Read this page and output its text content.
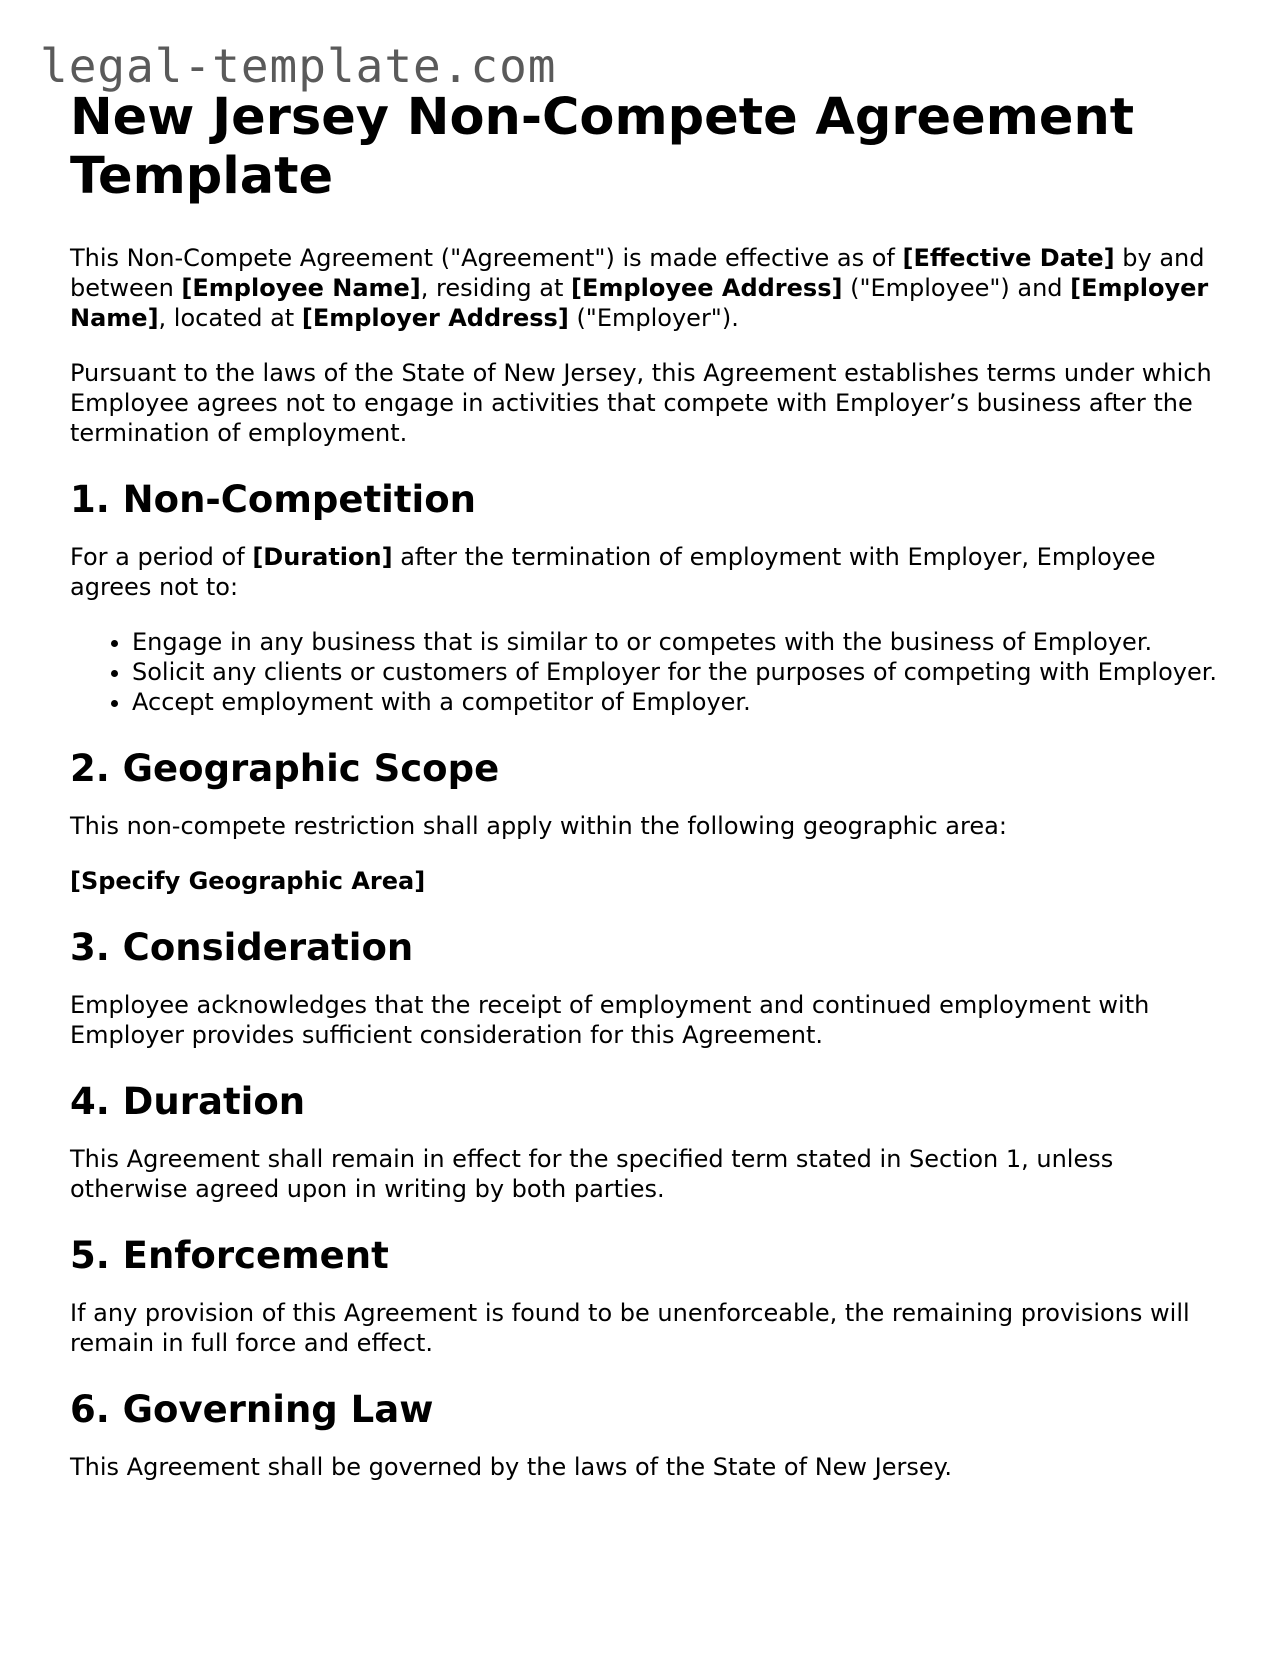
legal-template.com
New Jersey Non-Compete Agreement Template

This Non-Compete Agreement ("Agreement") is made effective as of [Effective Date] by and between [Employee Name], residing at [Employee Address] ("Employee") and [Employer Name], located at [Employer Address] ("Employer").

Pursuant to the laws of the State of New Jersey, this Agreement establishes terms under which Employee agrees not to engage in activities that compete with Employer’s business after the termination of employment.

1. Non-Competition

For a period of [Duration] after the termination of employment with Employer, Employee agrees not to:

• Engage in any business that is similar to or competes with the business of Employer.
• Solicit any clients or customers of Employer for the purposes of competing with Employer.
• Accept employment with a competitor of Employer.
2. Geographic Scope

This non-compete restriction shall apply within the following geographic area:

[Specify Geographic Area]

3. Consideration

Employee acknowledges that the receipt of employment and continued employment with Employer provides sufficient consideration for this Agreement.

4. Duration

This Agreement shall remain in effect for the specified term stated in Section 1, unless otherwise agreed upon in writing by both parties.

5. Enforcement

If any provision of this Agreement is found to be unenforceable, the remaining provisions will remain in full force and effect.

6. Governing Law

This Agreement shall be governed by the laws of the State of New Jersey.
